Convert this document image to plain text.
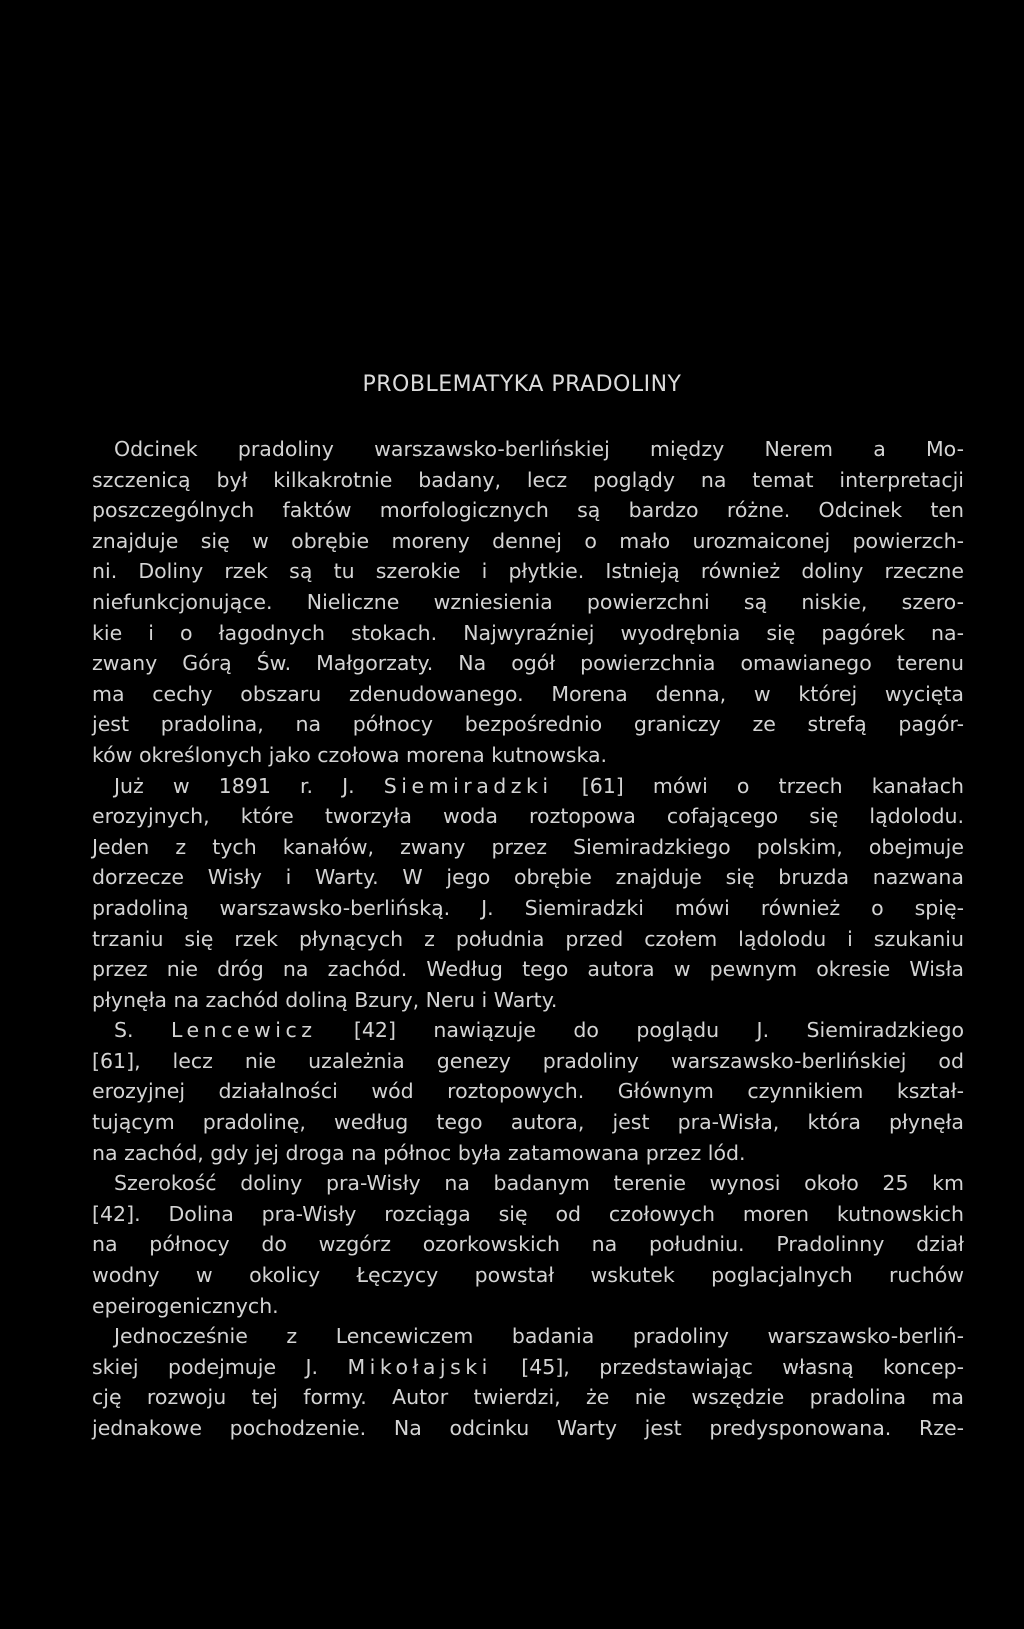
PROBLEMATYKA PRADOLINY
Odcinek pradoliny warszawsko-berlińskiej między Nerem a Mo-
szczenicą był kilkakrotnie badany, lecz poglądy na temat interpretacji
poszczególnych faktów morfologicznych są bardzo różne. Odcinek ten
znajduje się w obrębie moreny dennej o mało urozmaiconej powierzch-
ni. Doliny rzek są tu szerokie i płytkie. Istnieją również doliny rzeczne
niefunkcjonujące. Nieliczne wzniesienia powierzchni są niskie, szero-
kie i o łagodnych stokach. Najwyraźniej wyodrębnia się pagórek na-
zwany Górą Św. Małgorzaty. Na ogół powierzchnia omawianego terenu
ma cechy obszaru zdenudowanego. Morena denna, w której wycięta
jest pradolina, na północy bezpośrednio graniczy ze strefą pagór-
ków określonych jako czołowa morena kutnowska.
Już w 1891 r. J. Siemiradzki [61] mówi o trzech kanałach
erozyjnych, które tworzyła woda roztopowa cofającego się lądolodu.
Jeden z tych kanałów, zwany przez Siemiradzkiego polskim, obejmuje
dorzecze Wisły i Warty. W jego obrębie znajduje się bruzda nazwana
pradoliną warszawsko-berlińską. J. Siemiradzki mówi również o spię-
trzaniu się rzek płynących z południa przed czołem lądolodu i szukaniu
przez nie dróg na zachód. Według tego autora w pewnym okresie Wisła
płynęła na zachód doliną Bzury, Neru i Warty.
S. Lencewicz [42] nawiązuje do poglądu J. Siemiradzkiego
[61], lecz nie uzależnia genezy pradoliny warszawsko-berlińskiej od
erozyjnej działalności wód roztopowych. Głównym czynnikiem kształ-
tującym pradolinę, według tego autora, jest pra-Wisła, która płynęła
na zachód, gdy jej droga na północ była zatamowana przez lód.
Szerokość doliny pra-Wisły na badanym terenie wynosi około 25 km
[42]. Dolina pra-Wisły rozciąga się od czołowych moren kutnowskich
na północy do wzgórz ozorkowskich na południu. Pradolinny dział
wodny w okolicy Łęczycy powstał wskutek poglacjalnych ruchów
epeirogenicznych.
Jednocześnie z Lencewiczem badania pradoliny warszawsko-berliń-
skiej podejmuje J. Mikołajski [45], przedstawiając własną koncep-
cję rozwoju tej formy. Autor twierdzi, że nie wszędzie pradolina ma
jednakowe pochodzenie. Na odcinku Warty jest predysponowana. Rze-
